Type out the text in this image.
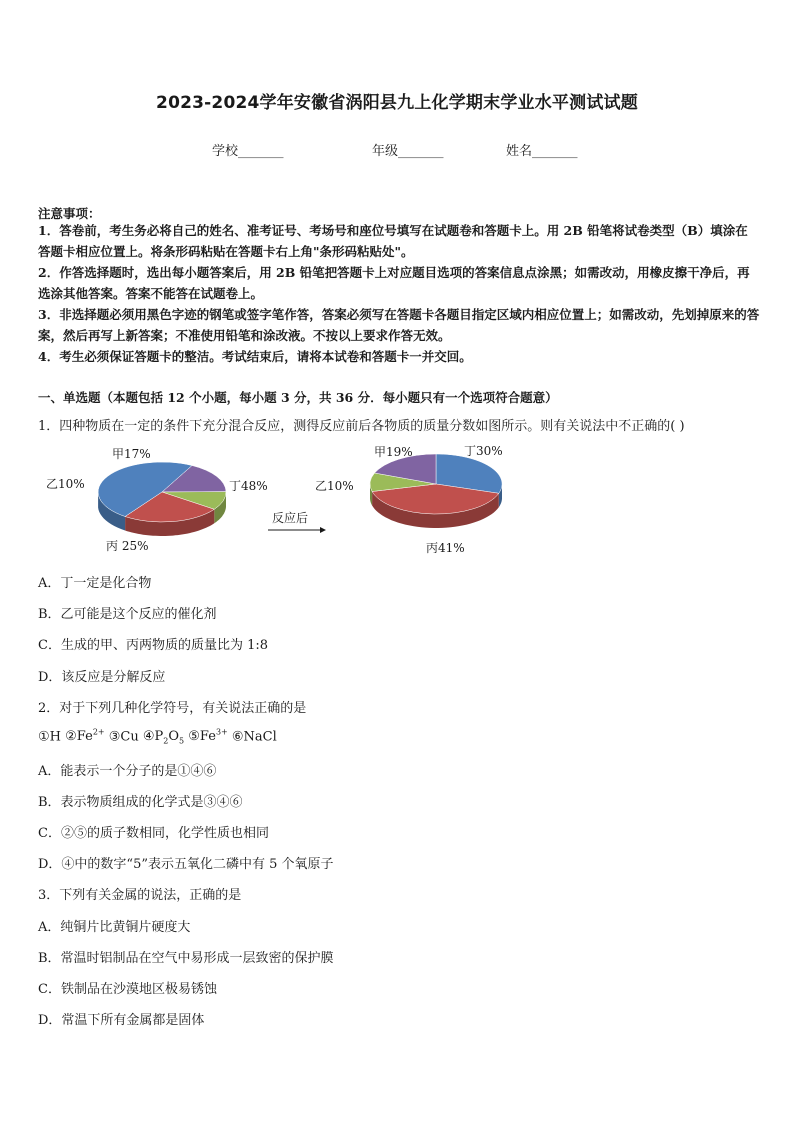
2023-2024学年安徽省涡阳县九上化学期末学业水平测试试题
学校_______	年级_______	姓名_______
注意事项：
1．答卷前，考生务必将自己的姓名、准考证号、考场号和座位号填写在试题卷和答题卡上。用 2B 铅笔将试卷类型（B）填涂在答题卡相应位置上。将条形码粘贴在答题卡右上角"条形码粘贴处"。
2．作答选择题时，选出每小题答案后，用 2B 铅笔把答题卡上对应题目选项的答案信息点涂黑；如需改动，用橡皮擦干净后，再选涂其他答案。答案不能答在试题卷上。
3．非选择题必须用黑色字迹的钢笔或签字笔作答，答案必须写在答题卡各题目指定区域内相应位置上；如需改动，先划掉原来的答案，然后再写上新答案；不准使用铅笔和涂改液。不按以上要求作答无效。
4．考生必须保证答题卡的整洁。考试结束后，请将本试卷和答题卡一并交回。
一、单选题（本题包括 12 个小题，每小题 3 分，共 36 分．每小题只有一个选项符合题意）
1．四种物质在一定的条件下充分混合反应，测得反应前后各物质的质量分数如图所示。则有关说法中不正确的( )
甲17%
乙10%
丙 25%
丁48%
甲19%
乙10%
丙41%
丁30%
反应后
A．丁一定是化合物
B．乙可能是这个反应的催化剂
C．生成的甲、丙两物质的质量比为 1:8
D．该反应是分解反应
2．对于下列几种化学符号，有关说法正确的是
①H $②Fe^{2+}$ ③Cu $④P_2O_5$ $⑤Fe^{3+}$ ⑥NaCl
A．能表示一个分子的是①④⑥
B．表示物质组成的化学式是③④⑥
C．②⑤的质子数相同，化学性质也相同
D．④中的数字“5”表示五氧化二磷中有 5 个氧原子
3．下列有关金属的说法，正确的是
A．纯铜片比黄铜片硬度大
B．常温时铝制品在空气中易形成一层致密的保护膜
C．铁制品在沙漠地区极易锈蚀
D．常温下所有金属都是固体
